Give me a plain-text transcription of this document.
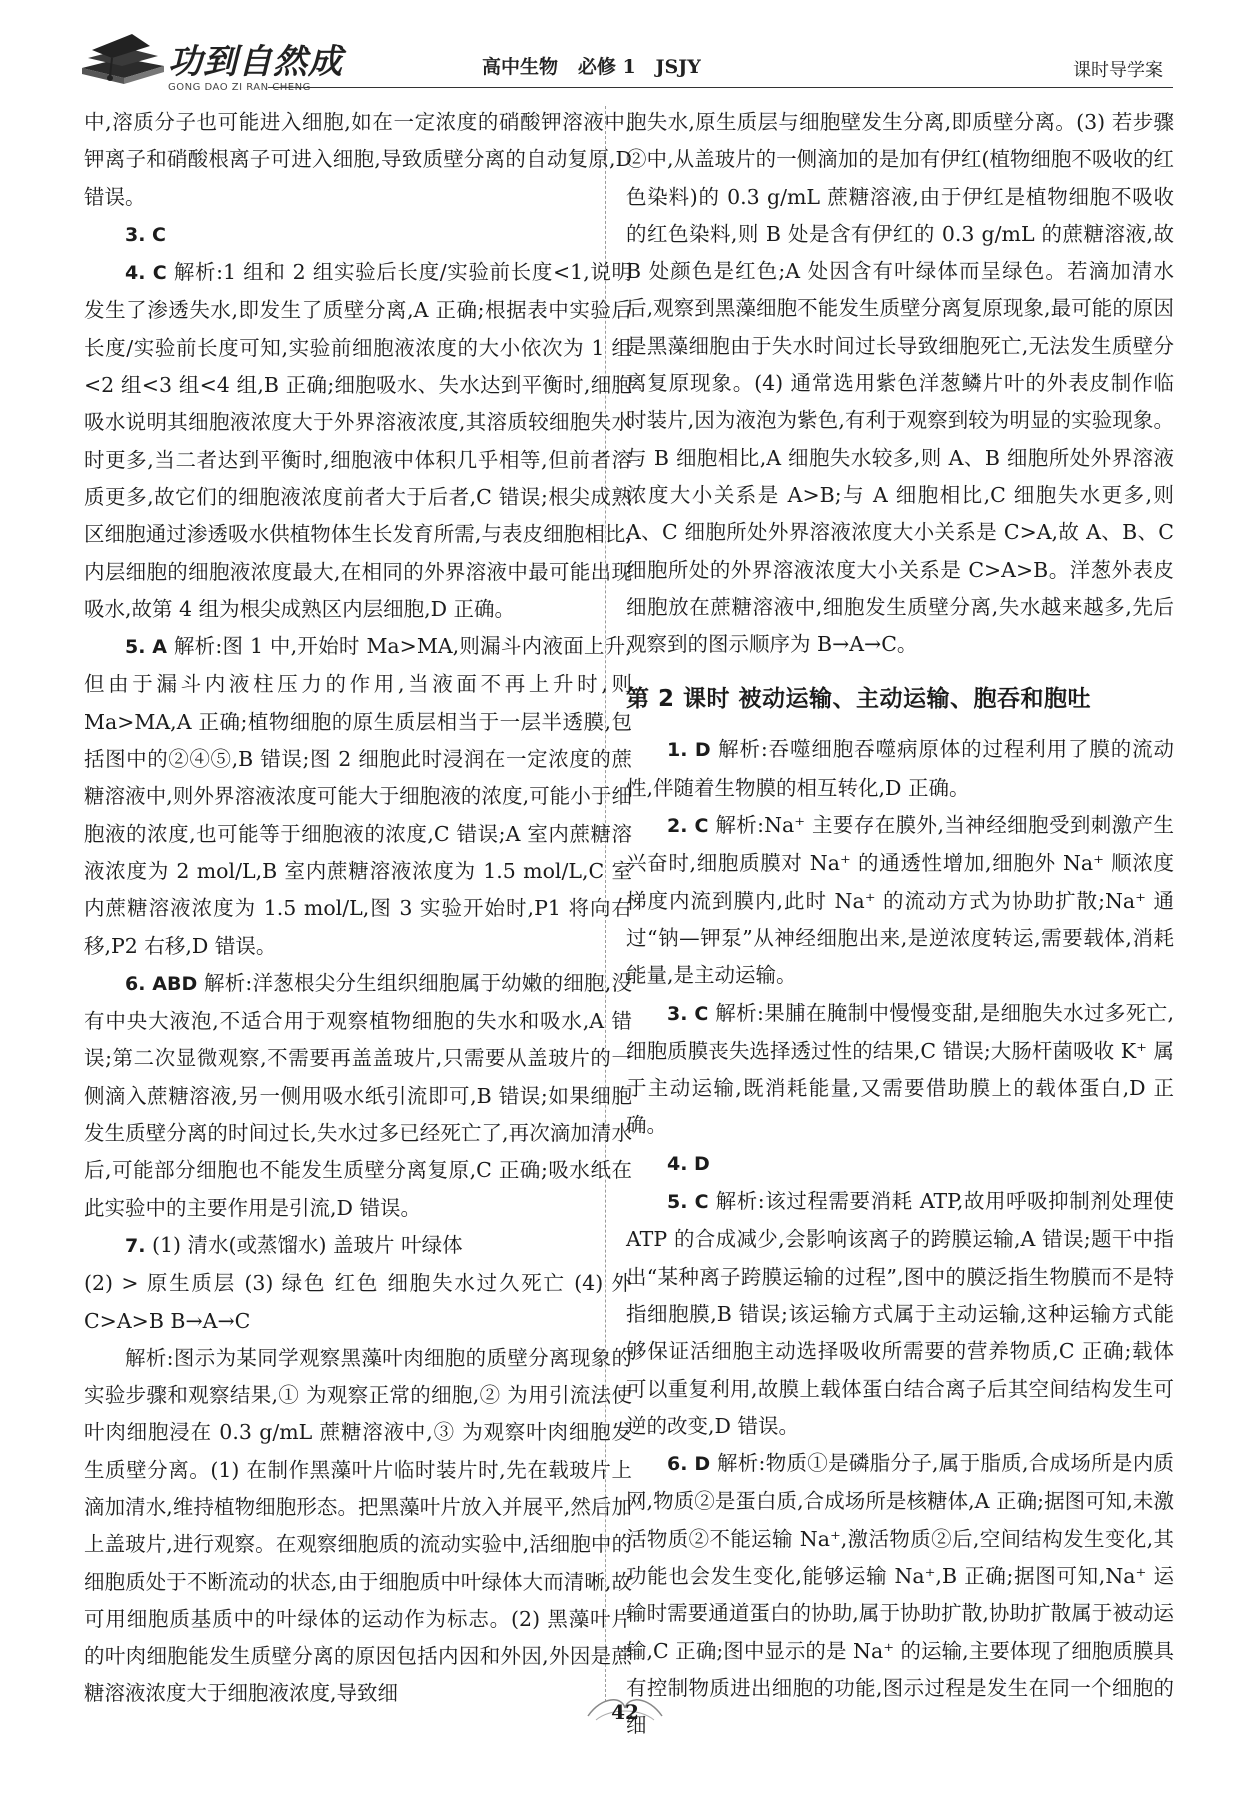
功到自然成
GONG DAO ZI RAN CHENG
高中生物   必修 1   JSJY	课时导学案

中,溶质分子也可能进入细胞,如在一定浓度的硝酸钾溶液中,钾离子和硝酸根离子可进入细胞,导致质壁分离的自动复原,D 错误。

3. C

4. C 解析:1 组和 2 组实验后长度/实验前长度<1,说明发生了渗透失水,即发生了质壁分离,A 正确;根据表中实验后长度/实验前长度可知,实验前细胞液浓度的大小依次为 1 组<2 组<3 组<4 组,B 正确;细胞吸水、失水达到平衡时,细胞吸水说明其细胞液浓度大于外界溶液浓度,其溶质较细胞失水时更多,当二者达到平衡时,细胞液中体积几乎相等,但前者溶质更多,故它们的细胞液浓度前者大于后者,C 错误;根尖成熟区细胞通过渗透吸水供植物体生长发育所需,与表皮细胞相比,内层细胞的细胞液浓度最大,在相同的外界溶液中最可能出现吸水,故第 4 组为根尖成熟区内层细胞,D 正确。

5. A 解析:图 1 中,开始时 Ma>MA,则漏斗内液面上升,但由于漏斗内液柱压力的作用,当液面不再上升时,则 Ma>MA,A 正确;植物细胞的原生质层相当于一层半透膜,包括图中的②④⑤,B 错误;图 2 细胞此时浸润在一定浓度的蔗糖溶液中,则外界溶液浓度可能大于细胞液的浓度,可能小于细胞液的浓度,也可能等于细胞液的浓度,C 错误;A 室内蔗糖溶液浓度为 2 mol/L,B 室内蔗糖溶液浓度为 1.5 mol/L,C 室内蔗糖溶液浓度为 1.5 mol/L,图 3 实验开始时,P1 将向右移,P2 右移,D 错误。

6. ABD 解析:洋葱根尖分生组织细胞属于幼嫩的细胞,没有中央大液泡,不适合用于观察植物细胞的失水和吸水,A 错误;第二次显微观察,不需要再盖盖玻片,只需要从盖玻片的一侧滴入蔗糖溶液,另一侧用吸水纸引流即可,B 错误;如果细胞发生质壁分离的时间过长,失水过多已经死亡了,再次滴加清水后,可能部分细胞也不能发生质壁分离复原,C 正确;吸水纸在此实验中的主要作用是引流,D 错误。

7. (1) 清水(或蒸馏水) 盖玻片 叶绿体

(2) > 原生质层 (3) 绿色 红色 细胞失水过久死亡 (4) 外 C>A>B B→A→C

解析:图示为某同学观察黑藻叶肉细胞的质壁分离现象的实验步骤和观察结果,① 为观察正常的细胞,② 为用引流法使叶肉细胞浸在 0.3 g/mL 蔗糖溶液中,③ 为观察叶肉细胞发生质壁分离。(1) 在制作黑藻叶片临时装片时,先在载玻片上滴加清水,维持植物细胞形态。把黑藻叶片放入并展平,然后加上盖玻片,进行观察。在观察细胞质的流动实验中,活细胞中的细胞质处于不断流动的状态,由于细胞质中叶绿体大而清晰,故可用细胞质基质中的叶绿体的运动作为标志。(2) 黑藻叶片的叶肉细胞能发生质壁分离的原因包括内因和外因,外因是蔗糖溶液浓度大于细胞液浓度,导致细

胞失水,原生质层与细胞壁发生分离,即质壁分离。(3) 若步骤②中,从盖玻片的一侧滴加的是加有伊红(植物细胞不吸收的红色染料)的 0.3 g/mL 蔗糖溶液,由于伊红是植物细胞不吸收的红色染料,则 B 处是含有伊红的 0.3 g/mL 的蔗糖溶液,故 B 处颜色是红色;A 处因含有叶绿体而呈绿色。若滴加清水后,观察到黑藻细胞不能发生质壁分离复原现象,最可能的原因是黑藻细胞由于失水时间过长导致细胞死亡,无法发生质壁分离复原现象。(4) 通常选用紫色洋葱鳞片叶的外表皮制作临时装片,因为液泡为紫色,有利于观察到较为明显的实验现象。与 B 细胞相比,A 细胞失水较多,则 A、B 细胞所处外界溶液浓度大小关系是 A>B;与 A 细胞相比,C 细胞失水更多,则 A、C 细胞所处外界溶液浓度大小关系是 C>A,故 A、B、C 细胞所处的外界溶液浓度大小关系是 C>A>B。洋葱外表皮细胞放在蔗糖溶液中,细胞发生质壁分离,失水越来越多,先后观察到的图示顺序为 B→A→C。

第 2 课时 被动运输、主动运输、胞吞和胞吐

1. D 解析:吞噬细胞吞噬病原体的过程利用了膜的流动性,伴随着生物膜的相互转化,D 正确。

2. C 解析:Na⁺ 主要存在膜外,当神经细胞受到刺激产生兴奋时,细胞质膜对 Na⁺ 的通透性增加,细胞外 Na⁺ 顺浓度梯度内流到膜内,此时 Na⁺ 的流动方式为协助扩散;Na⁺ 通过“钠—钾泵”从神经细胞出来,是逆浓度转运,需要载体,消耗能量,是主动运输。

3. C 解析:果脯在腌制中慢慢变甜,是细胞失水过多死亡,细胞质膜丧失选择透过性的结果,C 错误;大肠杆菌吸收 K⁺ 属于主动运输,既消耗能量,又需要借助膜上的载体蛋白,D 正确。

4. D

5. C 解析:该过程需要消耗 ATP,故用呼吸抑制剂处理使 ATP 的合成减少,会影响该离子的跨膜运输,A 错误;题干中指出“某种离子跨膜运输的过程”,图中的膜泛指生物膜而不是特指细胞膜,B 错误;该运输方式属于主动运输,这种运输方式能够保证活细胞主动选择吸收所需要的营养物质,C 正确;载体可以重复利用,故膜上载体蛋白结合离子后其空间结构发生可逆的改变,D 错误。

6. D 解析:物质①是磷脂分子,属于脂质,合成场所是内质网,物质②是蛋白质,合成场所是核糖体,A 正确;据图可知,未激活物质②不能运输 Na⁺,激活物质②后,空间结构发生变化,其功能也会发生变化,能够运输 Na⁺,B 正确;据图可知,Na⁺ 运输时需要通道蛋白的协助,属于协助扩散,协助扩散属于被动运输,C 正确;图中显示的是 Na⁺ 的运输,主要体现了细胞质膜具有控制物质进出细胞的功能,图示过程是发生在同一个细胞的细

42
